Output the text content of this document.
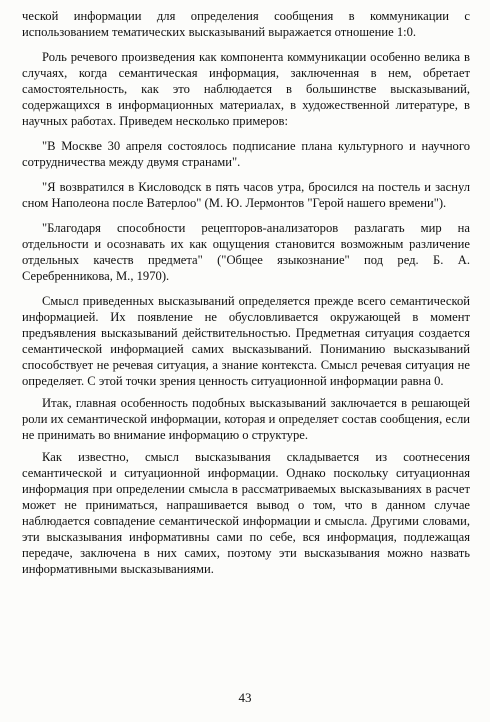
ческой информации для определения сообщения в коммуникации с использованием тематических высказываний выражается отношение 1:0.

Роль речевого произведения как компонента коммуникации особенно велика в случаях, когда семантическая информация, заключенная в нем, обретает самостоятельность, как это наблюдается в большинстве высказываний, содержащихся в информационных материалах, в художественной литературе, в научных работах. Приведем несколько примеров:

"В Москве 30 апреля состоялось подписание плана культурного и научного сотрудничества между двумя странами".

"Я возвратился в Кисловодск в пять часов утра, бросился на постель и заснул сном Наполеона после Ватерлоо" (М. Ю. Лермонтов "Герой нашего времени").

"Благодаря способности рецепторов-анализаторов разлагать мир на отдельности и осознавать их как ощущения становится возможным различение отдельных качеств предмета" ("Общее языкознание" под ред. Б. А. Серебренникова, М., 1970).

Смысл приведенных высказываний определяется прежде всего семантической информацией. Их появление не обусловливается окружающей в момент предъявления высказываний действительностью. Предметная ситуация создается семантической информацией самих высказываний. Пониманию высказываний способствует не речевая ситуация, а знание контекста. Смысл речевая ситуация не определяет. С этой точки зрения ценность ситуационной информации равна 0.

Итак, главная особенность подобных высказываний заключается в решающей роли их семантической информации, которая и определяет состав сообщения, если не принимать во внимание информацию о структуре.

Как известно, смысл высказывания складывается из соотнесения семантической и ситуационной информации. Однако поскольку ситуационная информация при определении смысла в рассматриваемых высказываниях в расчет может не приниматься, напрашивается вывод о том, что в данном случае наблюдается совпадение семантической информации и смысла. Другими словами, эти высказывания информативны сами по себе, вся информация, подлежащая передаче, заключена в них самих, поэтому эти высказывания можно назвать информативными высказываниями.

43
